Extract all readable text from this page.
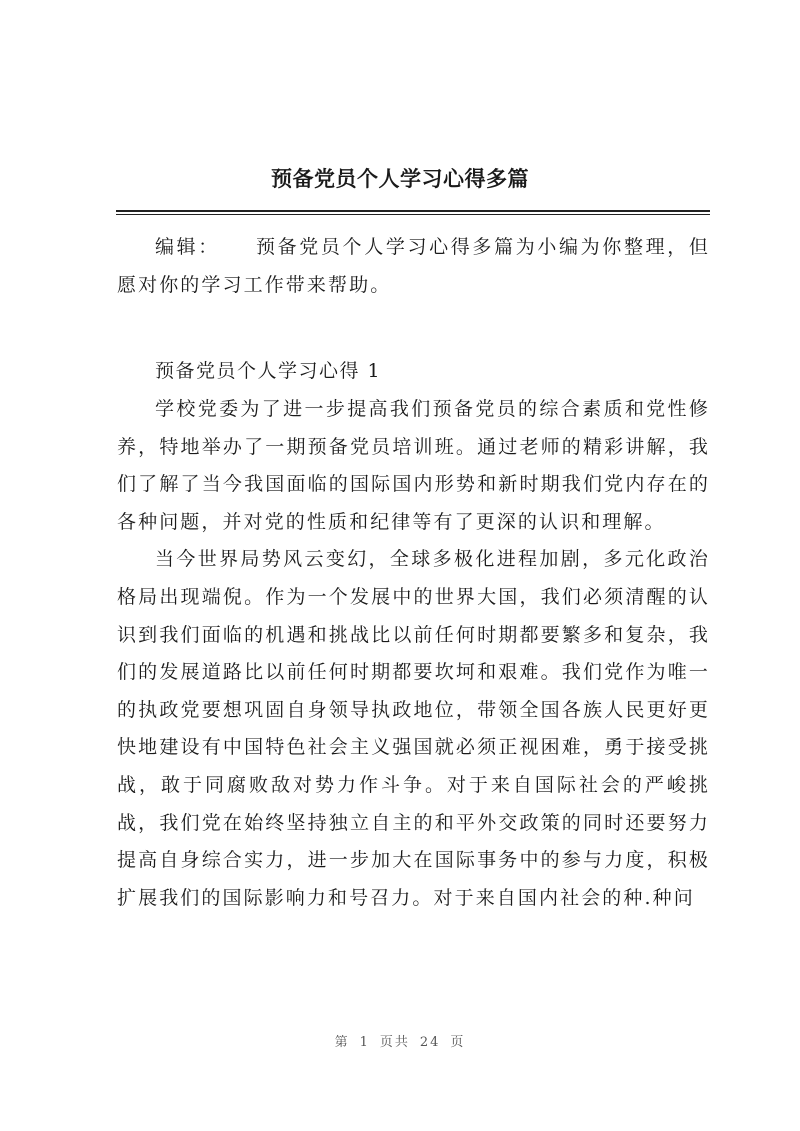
预备党员个人学习心得多篇

编辑： 预备党员个人学习心得多篇为小编为你整理，但愿对你的学习工作带来帮助。

预备党员个人学习心得 1

学校党委为了进一步提高我们预备党员的综合素质和党性修养，特地举办了一期预备党员培训班。通过老师的精彩讲解，我们了解了当今我国面临的国际国内形势和新时期我们党内存在的各种问题，并对党的性质和纪律等有了更深的认识和理解。

当今世界局势风云变幻，全球多极化进程加剧，多元化政治格局出现端倪。作为一个发展中的世界大国，我们必须清醒的认识到我们面临的机遇和挑战比以前任何时期都要繁多和复杂，我们的发展道路比以前任何时期都要坎坷和艰难。我们党作为唯一的执政党要想巩固自身领导执政地位，带领全国各族人民更好更快地建设有中国特色社会主义强国就必须正视困难，勇于接受挑战，敢于同腐败敌对势力作斗争。对于来自国际社会的严峻挑战，我们党在始终坚持独立自主的和平外交政策的同时还要努力提高自身综合实力，进一步加大在国际事务中的参与力度，积极扩展我们的国际影响力和号召力。对于来自国内社会的种.种问

第 1 页共 24 页
